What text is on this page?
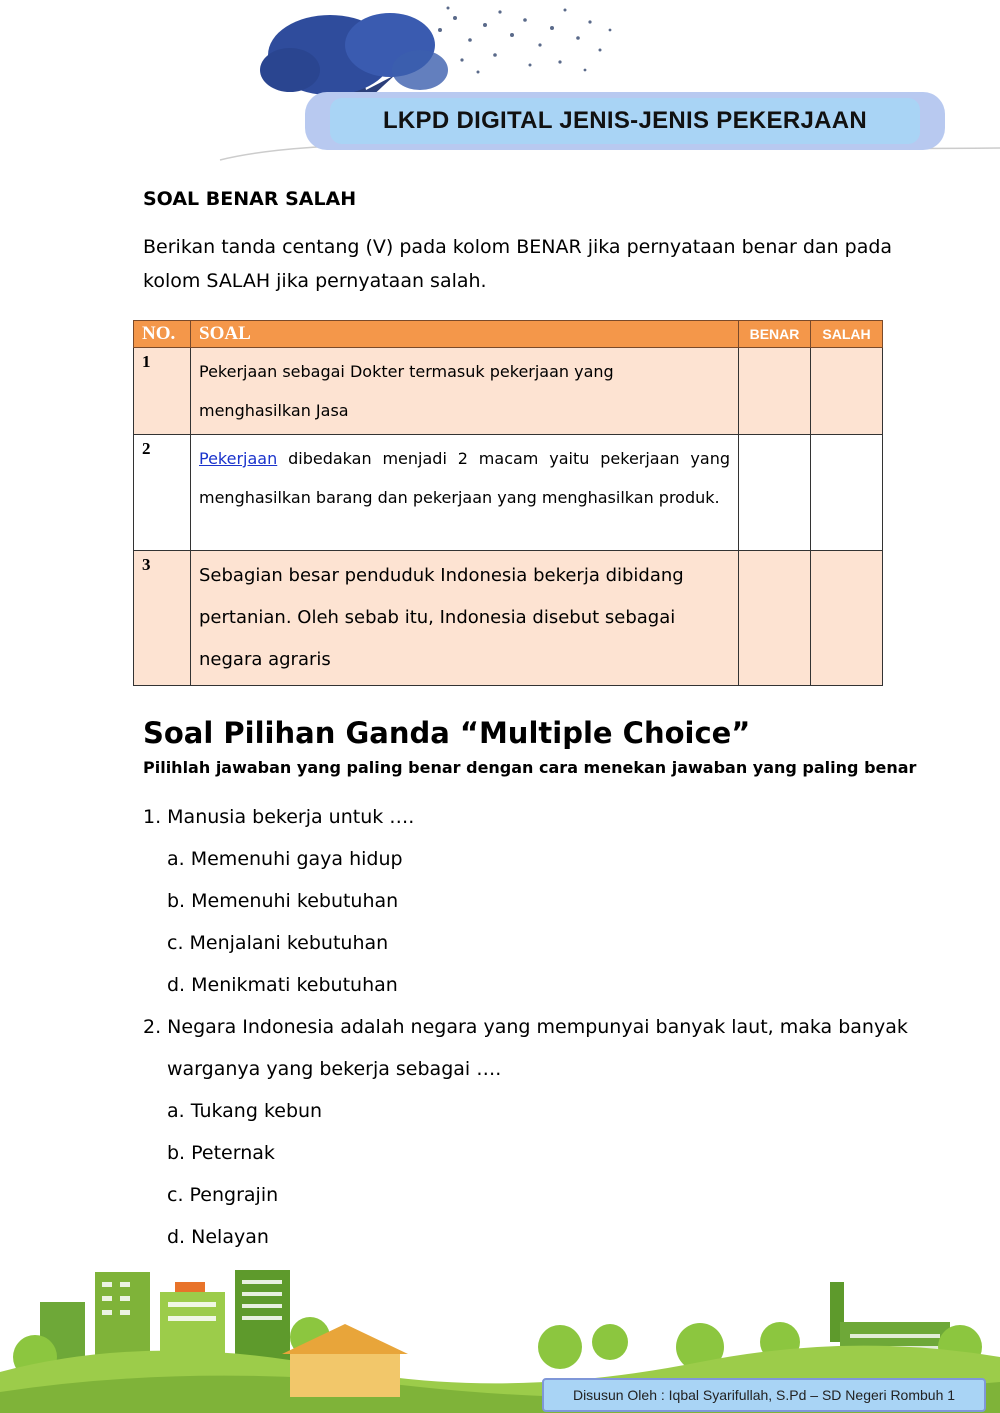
LKPD DIGITAL JENIS-JENIS PEKERJAAN
SOAL BENAR SALAH
Berikan tanda centang (V) pada kolom BENAR jika pernyataan benar dan pada kolom SALAH jika pernyataan salah.
NO.	SOAL	BENAR	SALAH
1	Pekerjaan sebagai Dokter termasuk pekerjaan yang menghasilkan Jasa		
2	Pekerjaan dibedakan menjadi 2 macam yaitu pekerjaan yang menghasilkan barang dan pekerjaan yang menghasilkan produk.		
3	Sebagian besar penduduk Indonesia bekerja dibidang pertanian. Oleh sebab itu, Indonesia disebut sebagai negara agraris		
Soal Pilihan Ganda “Multiple Choice”
Pilihlah jawaban yang paling benar dengan cara menekan jawaban yang paling benar
1. Manusia bekerja untuk ….
a. Memenuhi gaya hidup
b. Memenuhi kebutuhan
c. Menjalani kebutuhan
d. Menikmati kebutuhan
2. Negara Indonesia adalah negara yang mempunyai banyak laut, maka banyak
warganya yang bekerja sebagai ….
a. Tukang kebun
b. Peternak
c. Pengrajin
d. Nelayan
Disusun Oleh : Iqbal Syarifullah, S.Pd – SD Negeri Rombuh 1
